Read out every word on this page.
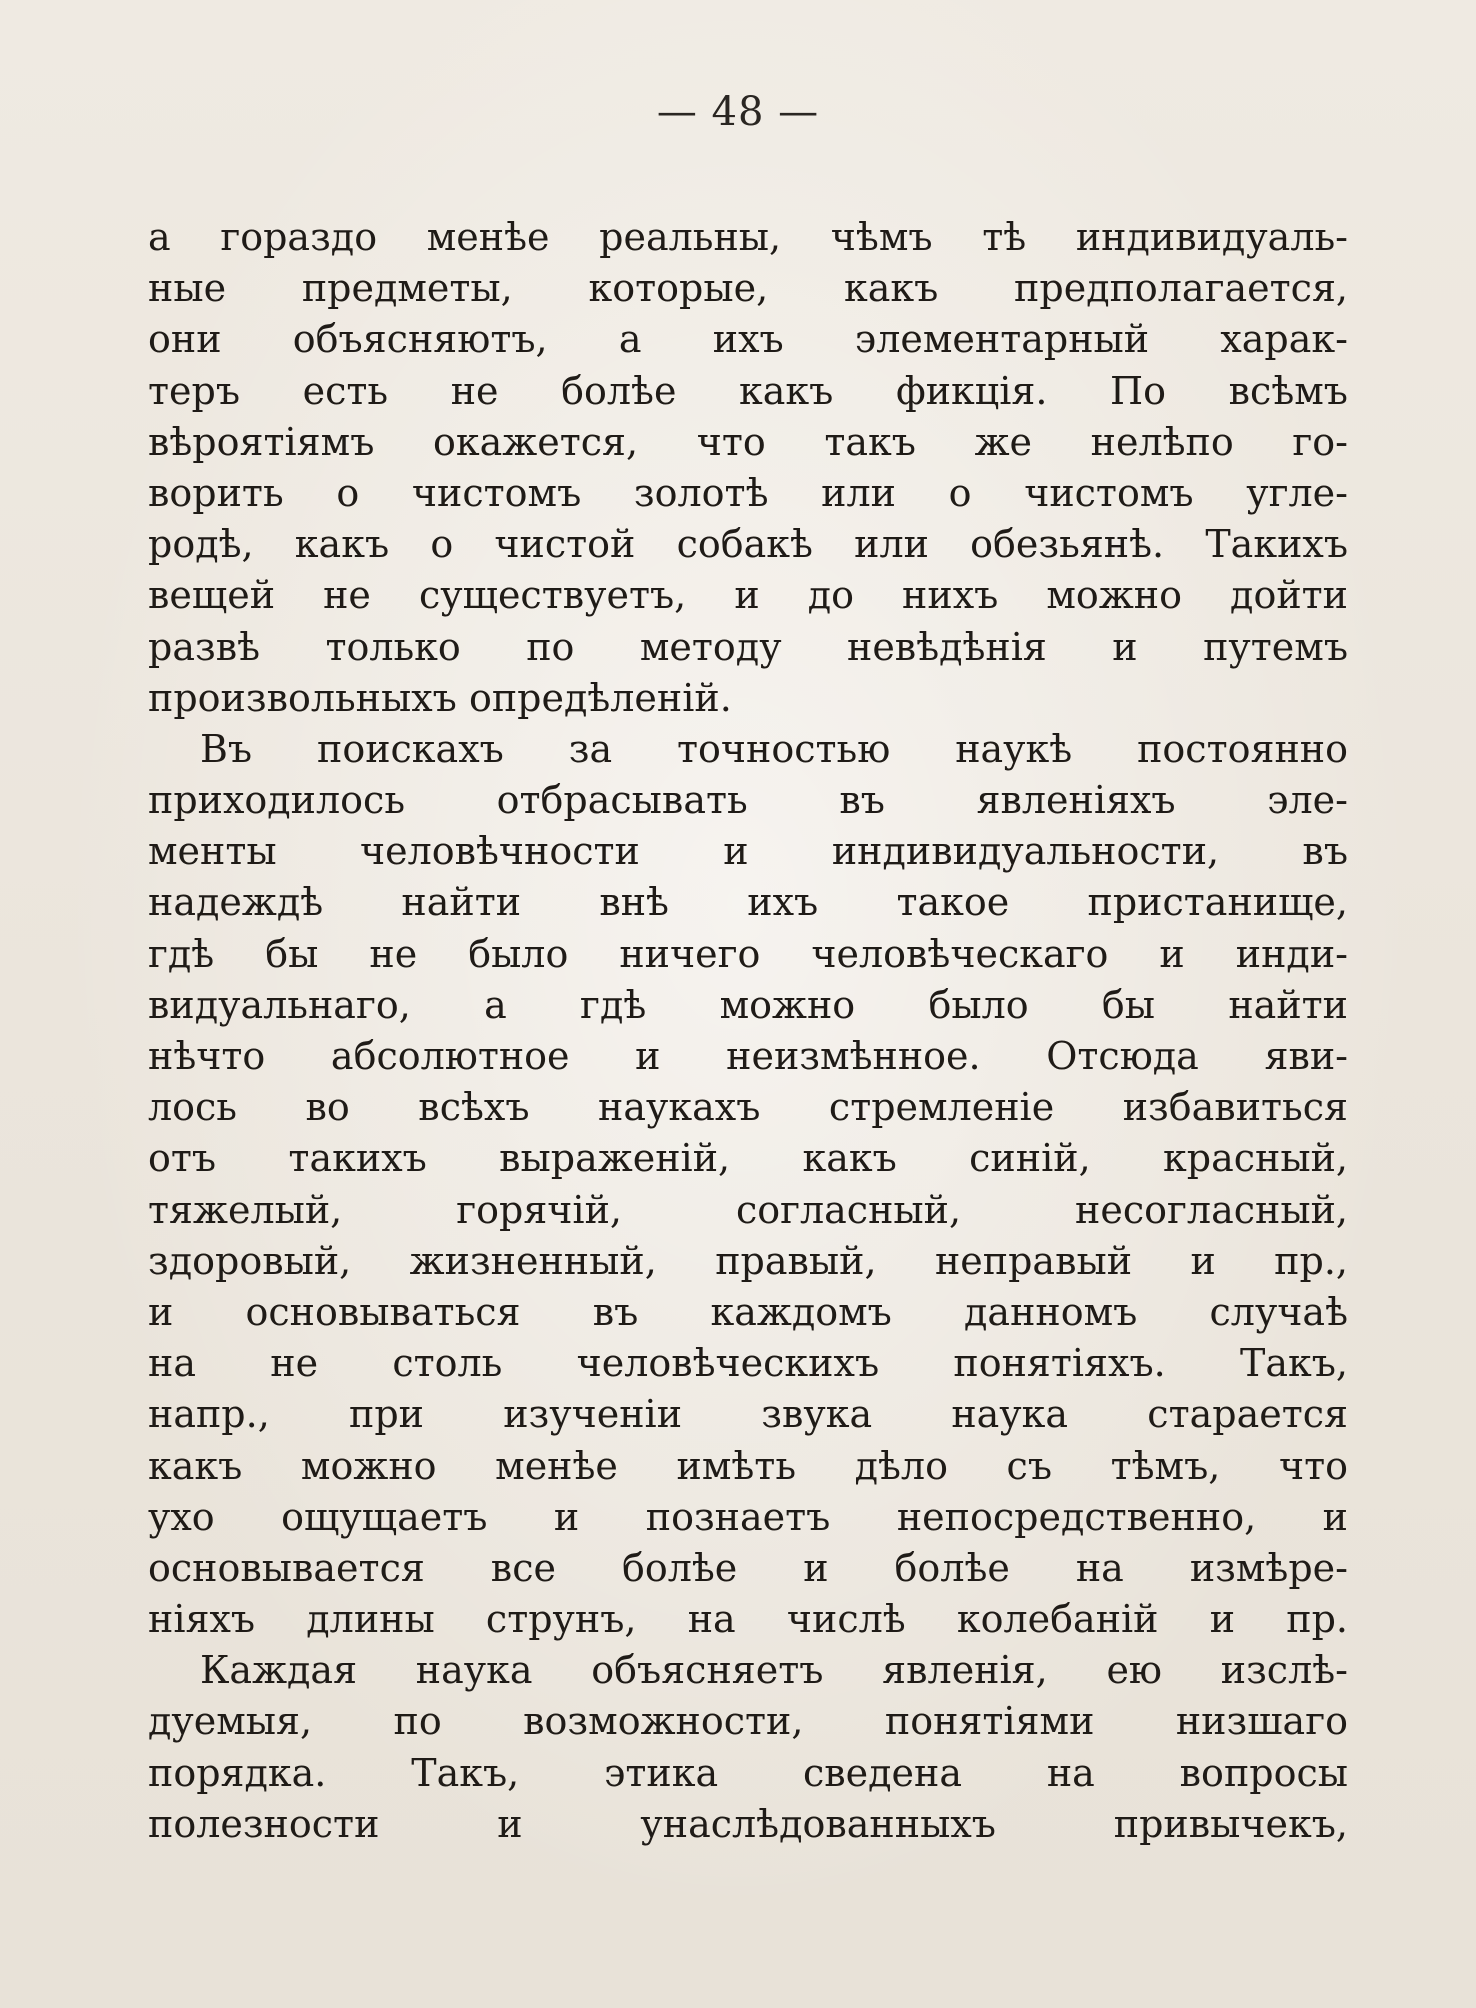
— 48 —
а гораздо менѣе реальны, чѣмъ тѣ индивидуаль-
ные предметы, которые, какъ предполагается,
они объясняютъ, а ихъ элементарный харак-
теръ есть не болѣе какъ фикція. По всѣмъ
вѣроятіямъ окажется, что такъ же нелѣпо го-
ворить о чистомъ золотѣ или о чистомъ угле-
родѣ, какъ о чистой собакѣ или обезьянѣ. Такихъ
вещей не существуетъ, и до нихъ можно дойти
развѣ только по методу невѣдѣнія и путемъ
произвольныхъ опредѣленій.
Въ поискахъ за точностью наукѣ постоянно
приходилось отбрасывать въ явленіяхъ эле-
менты человѣчности и индивидуальности, въ
надеждѣ найти внѣ ихъ такое пристанище,
гдѣ бы не было ничего человѣческаго и инди-
видуальнаго, а гдѣ можно было бы найти
нѣчто абсолютное и неизмѣнное. Отсюда яви-
лось во всѣхъ наукахъ стремленіе избавиться
отъ такихъ выраженій, какъ синій, красный,
тяжелый, горячій, согласный, несогласный,
здоровый, жизненный, правый, неправый и пр.,
и основываться въ каждомъ данномъ случаѣ
на не столь человѣческихъ понятіяхъ. Такъ,
напр., при изученіи звука наука старается
какъ можно менѣе имѣть дѣло съ тѣмъ, что
ухо ощущаетъ и познаетъ непосредственно, и
основывается все болѣе и болѣе на измѣре-
ніяхъ длины струнъ, на числѣ колебаній и пр.
Каждая наука объясняетъ явленія, ею изслѣ-
дуемыя, по возможности, понятіями низшаго
порядка. Такъ, этика сведена на вопросы
полезности и унаслѣдованныхъ привычекъ,
